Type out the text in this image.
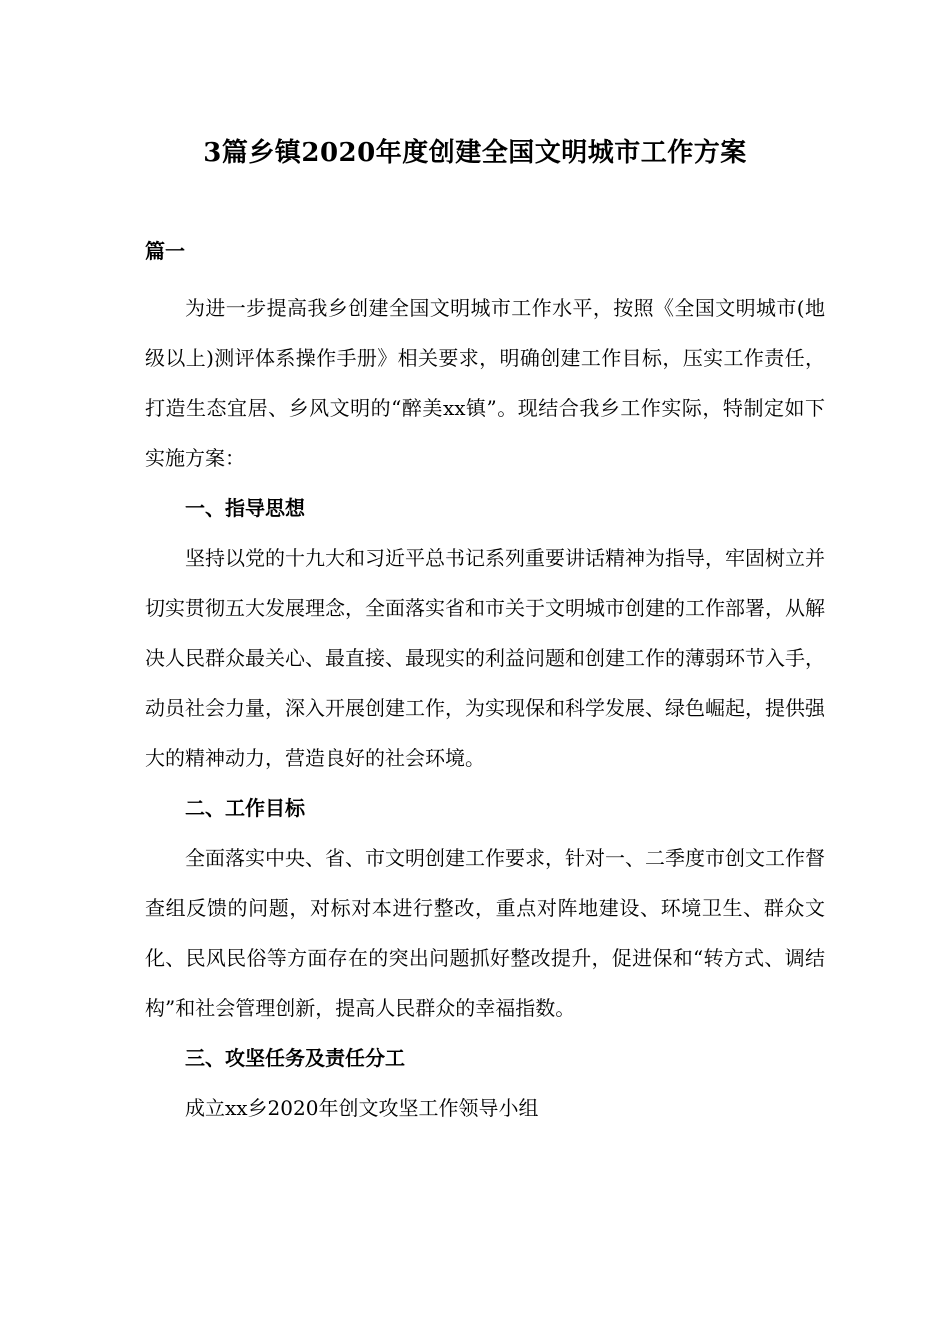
3篇乡镇2020年度创建全国文明城市工作方案
篇一

为进一步提高我乡创建全国文明城市工作水平，按照《全国文明城市(地级以上)测评体系操作手册》相关要求，明确创建工作目标，压实工作责任，打造生态宜居、乡风文明的“醉美xx镇”。现结合我乡工作实际，特制定如下实施方案：

一、指导思想

坚持以党的十九大和习近平总书记系列重要讲话精神为指导，牢固树立并切实贯彻五大发展理念，全面落实省和市关于文明城市创建的工作部署，从解决人民群众最关心、最直接、最现实的利益问题和创建工作的薄弱环节入手，动员社会力量，深入开展创建工作，为实现保和科学发展、绿色崛起，提供强大的精神动力，营造良好的社会环境。

二、工作目标

全面落实中央、省、市文明创建工作要求，针对一、二季度市创文工作督查组反馈的问题，对标对本进行整改，重点对阵地建设、环境卫生、群众文化、民风民俗等方面存在的突出问题抓好整改提升，促进保和“转方式、调结构”和社会管理创新，提高人民群众的幸福指数。

三、攻坚任务及责任分工

成立xx乡2020年创文攻坚工作领导小组
